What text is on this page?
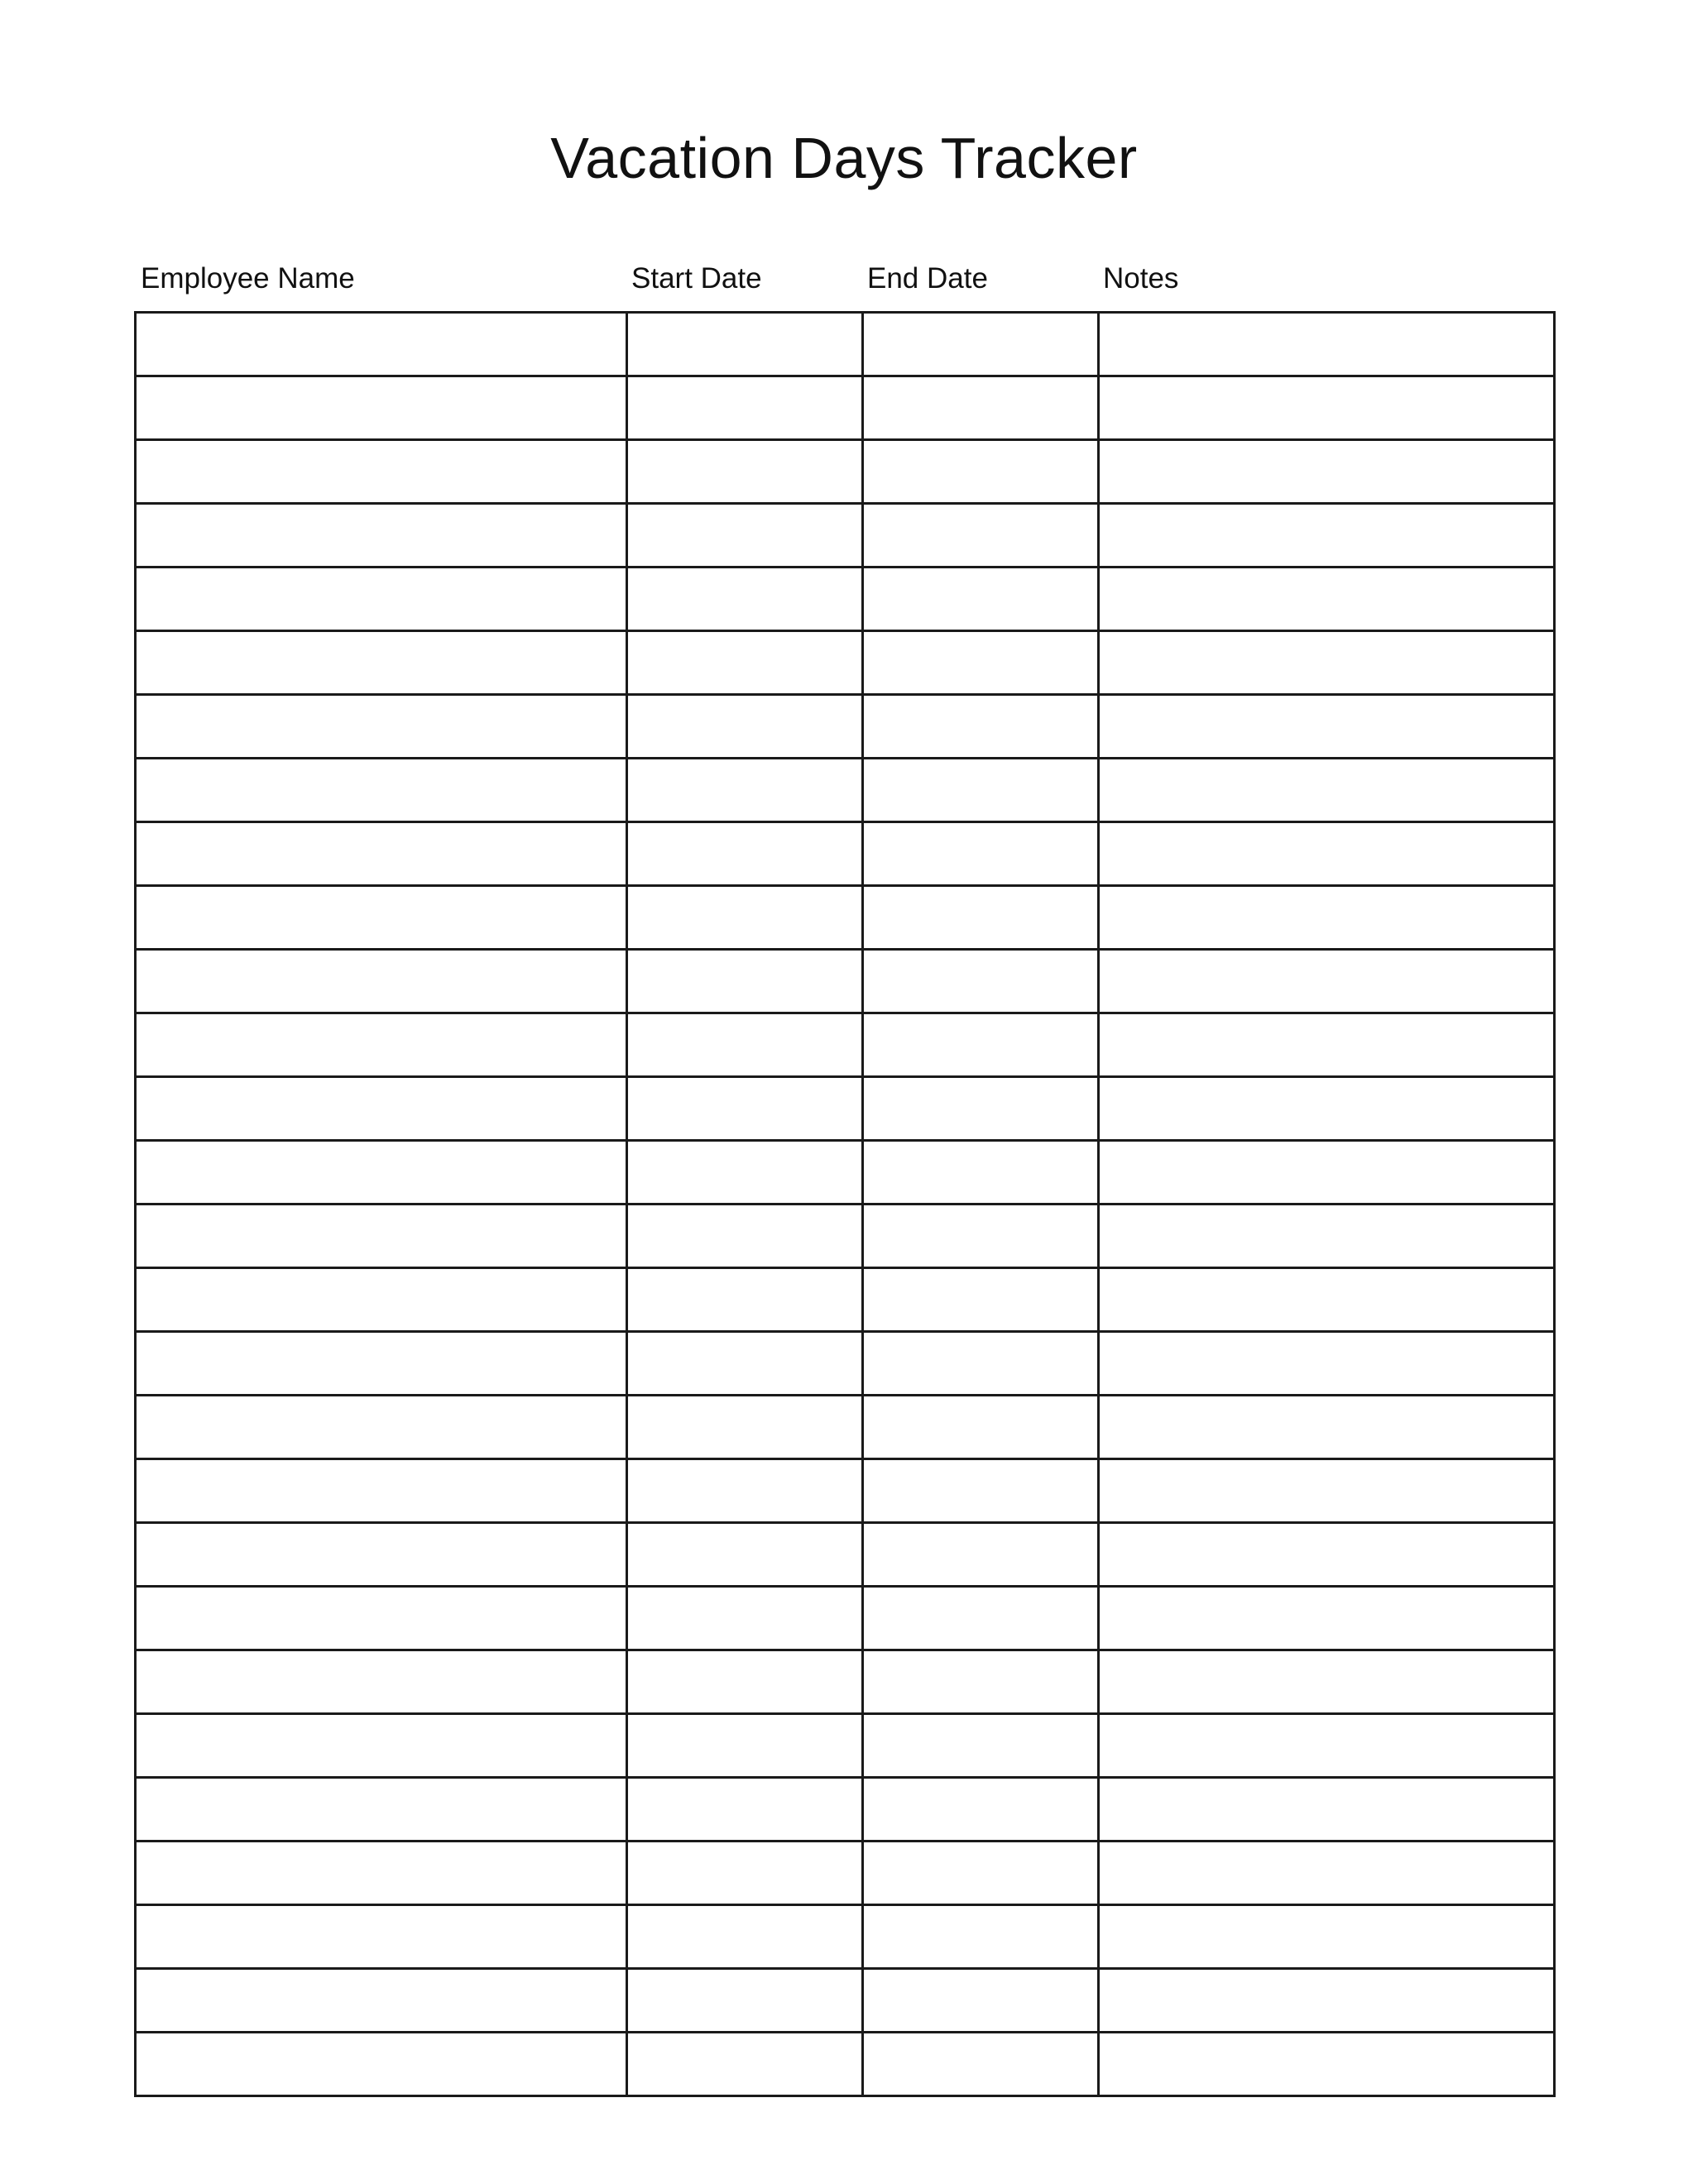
Vacation Days Tracker
Employee Name	Start Date	End Date	Notes
